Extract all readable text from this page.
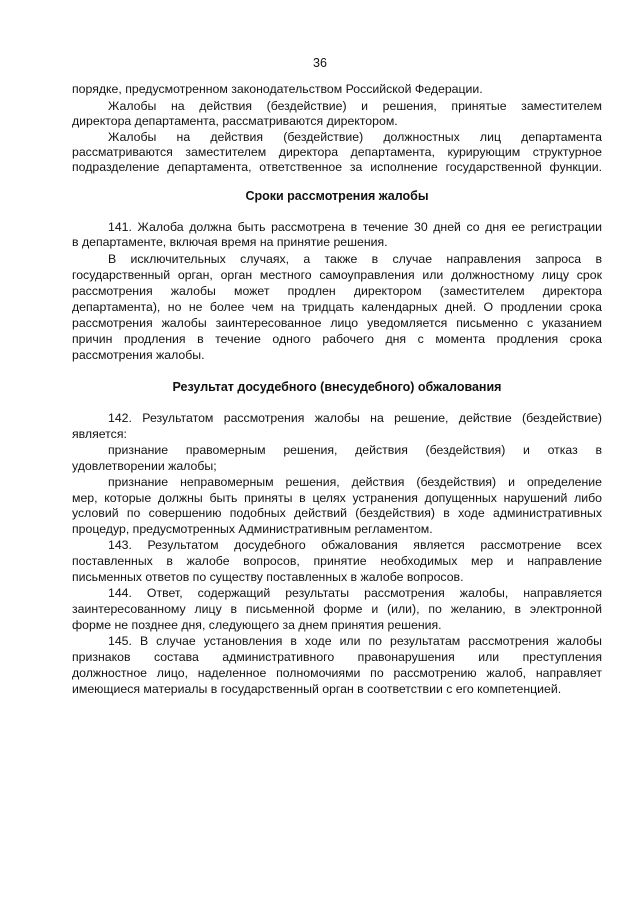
36
порядке, предусмотренном законодательством Российской Федерации.
Жалобы на действия (бездействие) и решения, принятые заместителем
директора департамента, рассматриваются директором.
Жалобы на действия (бездействие) должностных лиц департамента
рассматриваются заместителем директора департамента, курирующим структурное
подразделение департамента, ответственное за исполнение государственной функции.
Сроки рассмотрения жалобы
141. Жалоба должна быть рассмотрена в течение 30 дней со дня ее регистрации
в департаменте, включая время на принятие решения.
В исключительных случаях, а также в случае направления запроса в
государственный орган, орган местного самоуправления или должностному лицу срок
рассмотрения жалобы может продлен директором (заместителем директора
департамента), но не более чем на тридцать календарных дней. О продлении срока
рассмотрения жалобы заинтересованное лицо уведомляется письменно с указанием
причин продления в течение одного рабочего дня с момента продления срока
рассмотрения жалобы.
Результат досудебного (внесудебного) обжалования
142. Результатом рассмотрения жалобы на решение, действие (бездействие)
является:
признание правомерным решения, действия (бездействия) и отказ в
удовлетворении жалобы;
признание неправомерным решения, действия (бездействия) и определение
мер, которые должны быть приняты в целях устранения допущенных нарушений либо
условий по совершению подобных действий (бездействия) в ходе административных
процедур, предусмотренных Административным регламентом.
143. Результатом досудебного обжалования является рассмотрение всех
поставленных в жалобе вопросов, принятие необходимых мер и направление
письменных ответов по существу поставленных в жалобе вопросов.
144. Ответ, содержащий результаты рассмотрения жалобы, направляется
заинтересованному лицу в письменной форме и (или), по желанию, в электронной
форме не позднее дня, следующего за днем принятия решения.
145. В случае установления в ходе или по результатам рассмотрения жалобы
признаков состава административного правонарушения или преступления
должностное лицо, наделенное полномочиями по рассмотрению жалоб, направляет
имеющиеся материалы в государственный орган в соответствии с его компетенцией.
